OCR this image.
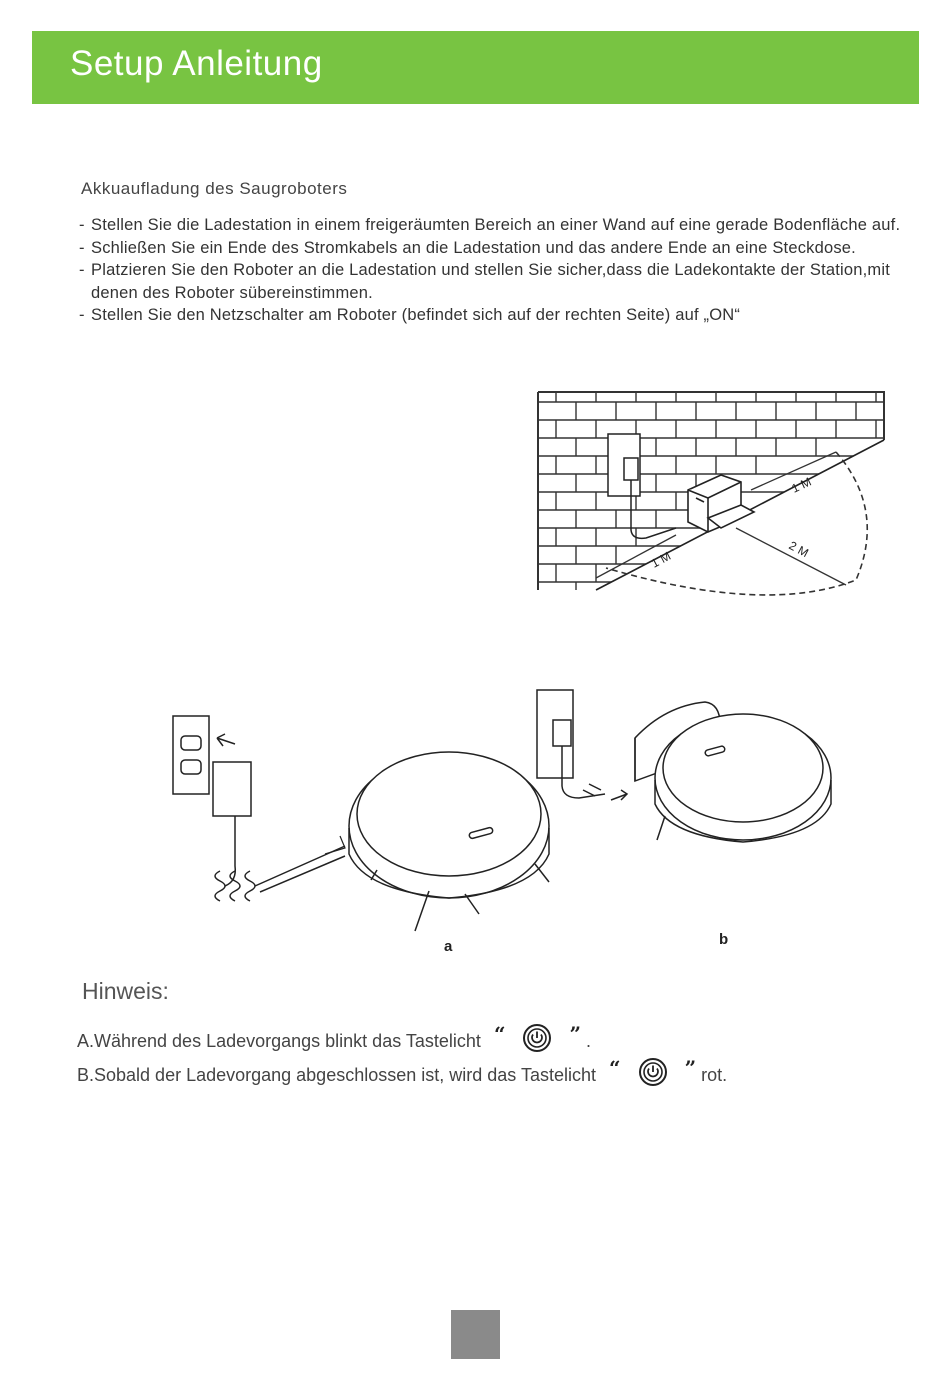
Setup Anleitung
Akkuaufladung des Saugroboters
- Stellen Sie die Ladestation in einem freigeräumten Bereich an einer Wand auf eine gerade Bodenfläche auf.
- Schließen Sie ein Ende des Stromkabels an die Ladestation und das andere Ende an eine Steckdose.
- Platzieren Sie den Roboter an die Ladestation und stellen Sie sicher,dass die Ladekontakte der Station,mit denen des Roboter sübereinstimmen.
- Stellen Sie den Netzschalter am Roboter (befindet sich auf der rechten Seite) auf „ON“
1 M
2 M
1 M
a	b
Hinweis:
A.Während des Ladevorgangs blinkt das Tastelicht “	” .
B.Sobald der Ladevorgang abgeschlossen ist, wird das Tastelicht “	” rot.
